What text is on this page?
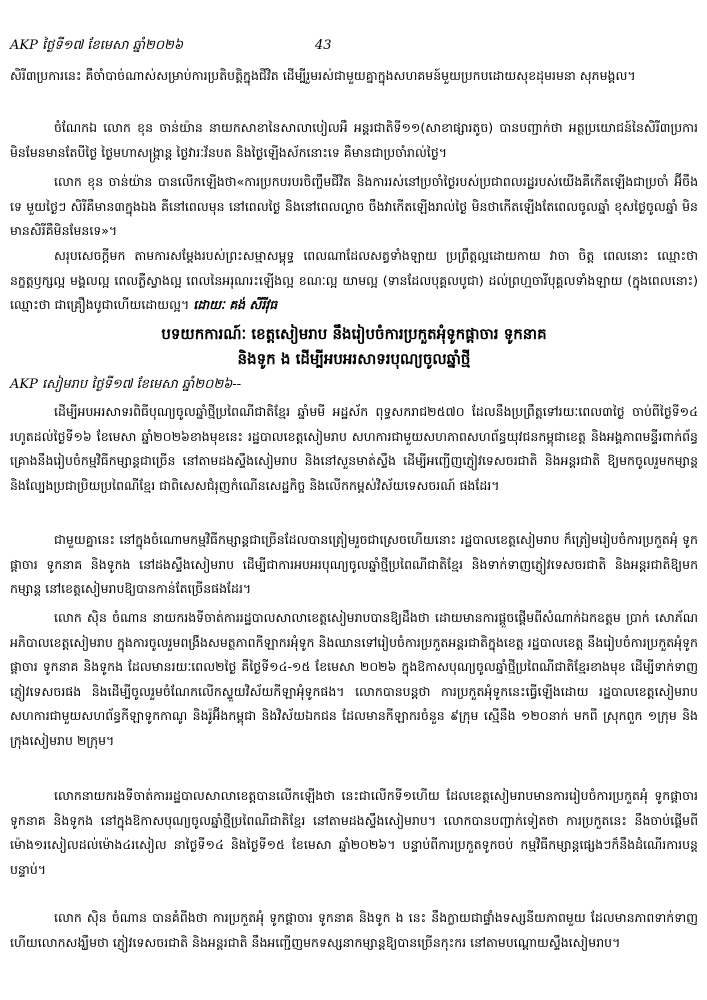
AKP ថ្ងៃទី១៧ ខែមេសា ឆ្នាំ២០២៦	43
សិរី៣ប្រការនេះ គឺចាំបាច់ណាស់សម្រាប់ការប្រតិបត្តិក្នុងជីវិត ដើម្បីរួមរស់ជាមួយគ្នាក្នុងសហគមន៍មួយប្រកបដោយសុខដុមរមនា សុភមង្គល។
ចំណែកឯ លោក ខុន ចាន់យ៉ាន នាយកសាខានៃសាលាបៀលអឺ អន្តរជាតិទី១១(សាខាផ្សារតូច) បានបញ្ជាក់ថា អត្ថប្រយោជន៍នៃសិរី៣ប្រការមិនមែនមានតែបីថ្ងៃ ថ្ងៃមហាសង្រ្កាន្ត ថ្ងៃវារៈវ័នបត និងថ្ងៃឡើងស័កនោះទេ គឺមានជាប្រចាំរាល់ថ្ងៃ។
លោក ខុន ចាន់យ៉ាន បានលើកឡើងថា«ការប្រកបរបរចិញ្ចឹមជីវិត និងការរស់នៅប្រចាំថ្ងៃរបស់ប្រជាពលរដ្ឋរបស់យើងគឺកើតឡើងជាប្រចាំ អ៊ីចឹងទេ មួយថ្ងៃៗ សិរីគឺមាន៣ក្នុងឯង គឺនៅពេលមុន នៅពេលថ្ងៃ និងនៅពេលល្ងាច ចឹងវាកើតឡើងរាល់ថ្ងៃ មិនថាកើតឡើងតែពេលចូលឆ្នាំ ខុសថ្ងៃចូលឆ្នាំ មិនមានសិរីគឺមិនមែនទេ»។
សរុបសេចក្តីមក តាមការសម្តែងរបស់ព្រះសម្មាសម្ពុទ្ធ ពេលណាដែលសត្វទាំងឡាយ ប្រព្រឹត្តល្អដោយកាយ វាចា ចិត្ត ពេលនោះ ឈ្មោះថា នក្ខត្តឫក្សល្អ មង្គលល្អ ពេលភ្លឺស្វាងល្អ ពេលនៃអរុណរះឡើងល្អ ខណៈល្អ យាមល្អ (ទានដែលបុគ្គលបូជា) ដល់ព្រហ្មចារីបុគ្គលទាំងឡាយ (ក្នុងពេលនោះ) ឈ្មោះថា ជាគ្រឿងបូជាហើយដោយល្អ។ ដោយៈ គង់ សីរីវុធ
បទយកការណ៍ៈ ខេត្តសៀមរាប នឹងរៀបចំការប្រកួតអុំទូកផ្ដាចារ ទូកនាគ
និងទូក ង ដើម្បីអបអរសាទរបុណ្យចូលឆ្នាំថ្មី
AKP សៀមរាប ថ្ងៃទី១៧ ខែមេសា ឆ្នាំ២០២៦--
ដើម្បីអបអរសាទរពិធីបុណ្យចូលឆ្នាំថ្មីប្រពៃណីជាតិខ្មែរ ឆ្នាំមមី អដ្ឋស័ក ពុទ្ធសករាជ២៥៧០ ដែលនឹងប្រព្រឹត្តទៅរយៈពេល៣ថ្ងៃ ចាប់ពីថ្ងៃទី១៤ រហូតដល់ថ្ងៃទី១៦ ខែមេសា ឆ្នាំ២០២៦ខាងមុខនេះ រដ្ឋបាលខេត្តសៀមរាប សហការជាមួយសហភាពសហព័ន្ធយុវជនកម្ពុជាខេត្ត និងអង្គភាពមន្ទីរពាក់ព័ន្ធ គ្រោងនឹងរៀបចំកម្មវិធីកម្សាន្តជាច្រើន នៅតាមដងស្ទឹងសៀមរាប និងនៅសួនមាត់ស្ទឹង ដើម្បីអញ្ជើញភ្ញៀវទេសចរជាតិ និងអន្តរជាតិ ឱ្យមកចូលរួមកម្សាន្ត និងល្បែងប្រជាប្រិយប្រពៃណីខ្មែរ ជាពិសេសជំរុញកំណើនសេដ្ឋកិច្ច និងលើកកម្ពស់វិស័យទេសចរណ៍ ផងដែរ។
ជាមួយគ្នានេះ នៅក្នុងចំណោមកម្មវិធីកម្សាន្តជាច្រើនដែលបានត្រៀមរួចជាស្រេចហើយនោះ រដ្ឋបាលខេត្តសៀមរាប ក៏ត្រៀមរៀបចំការប្រកួតអុំ ទូកផ្ដាចារ ទូកនាគ និងទូកង នៅដងស្ទឹងសៀមរាប ដើម្បីជាការអបអរបុណ្យចូលឆ្នាំថ្មីប្រពៃណីជាតិខ្មែរ និងទាក់ទាញភ្ញៀវទេសចរជាតិ និងអន្តរជាតិឱ្យមកកម្សាន្ត នៅខេត្តសៀមរាបឱ្យបានកាន់តែច្រើនផងដែរ។
លោក ស៊ិន ចំណាន នាយករងទីចាត់ការរដ្ឋបាលសាលាខេត្តសៀមរាបបានឱ្យដឹងថា ដោយមានការផ្ដួចផ្ដើមពីសំណាក់ឯកឧត្តម ប្រាក់ សោភ័ណ អភិបាលខេត្តសៀមរាប ក្នុងការចូលរួមពង្រឹងសមត្ថភាពកីឡាករអុំទូក និងឈានទៅរៀបចំការប្រកួតអន្តរជាតិក្នុងខេត្ត រដ្ឋបាលខេត្ត នឹងរៀបចំការប្រកួតអុំទូកផ្ដាចារ ទូកនាគ និងទូកង ដែលមានរយៈពេល២ថ្ងៃ គឺថ្ងៃទី១៤-១៥ ខែមេសា ២០២៦ ក្នុងឱកាសបុណ្យចូលឆ្នាំថ្មីប្រពៃណីជាតិខ្មែរខាងមុខ ដើម្បីទាក់ទាញភ្ញៀវទេសចរផង និងដើម្បីចូលរួមចំណែកលើកស្ទួយវិស័យកីឡាអុំទូកផង។ លោកបានបន្តថា ការប្រកួតអុំទូកនេះធ្វើឡើងដោយ រដ្ឋបាលខេត្តសៀមរាបសហការជាមួយសហព័ន្ធកីឡាទូកកាណូ និងរ៉ូអ៊ីងកម្ពុជា និងវិស័យឯកជន ដែលមានកីឡាករចំនួន ៩ក្រុម ស្មើនឹង ១២០នាក់ មកពី ស្រុកពួក ១ក្រុម និងក្រុងសៀមរាប ២ក្រុម។
លោកនាយករងទីចាត់ការរដ្ឋបាលសាលាខេត្តបានលើកឡើងថា នេះជាលើកទី១ហើយ ដែលខេត្តសៀមរាបមានការរៀបចំការប្រកួតអុំ ទូកផ្ដាចារ ទូកនាគ និងទូកង នៅក្នុងឱកាសបុណ្យចូលឆ្នាំថ្មីប្រពៃណីជាតិខ្មែរ នៅតាមដងស្ទឹងសៀមរាប។ លោកបានបញ្ជាក់ទៀតថា ការប្រកួតនេះ នឹងចាប់ផ្ដើមពីម៉ោង១រសៀលដល់ម៉ោង៤រសៀល នាថ្ងៃទី១៤ និងថ្ងៃទី១៥ ខែមេសា ឆ្នាំ២០២៦។ បន្ទាប់ពីការប្រកួតទូកចប់ កម្មវិធីកម្សាន្តផ្សេងៗក៏នឹងដំណើរការបន្តបន្ទាប់។
លោក ស៊ិន ចំណាន បានគំពីងថា ការប្រកួតអុំ ទូកផ្ដាចារ ទូកនាគ និងទូក ង នេះ នឹងក្លាយជាផ្ទាំងទស្សនីយភាពមួយ ដែលមានភាពទាក់ទាញ ហើយលោកសង្ឃឹមថា ភ្ញៀវទេសចរជាតិ និងអន្តរជាតិ នឹងអញ្ជើញមកទស្សនាកម្សាន្តឱ្យបានច្រើនកុះករ នៅតាមបណ្ដោយស្ទឹងសៀមរាប។
